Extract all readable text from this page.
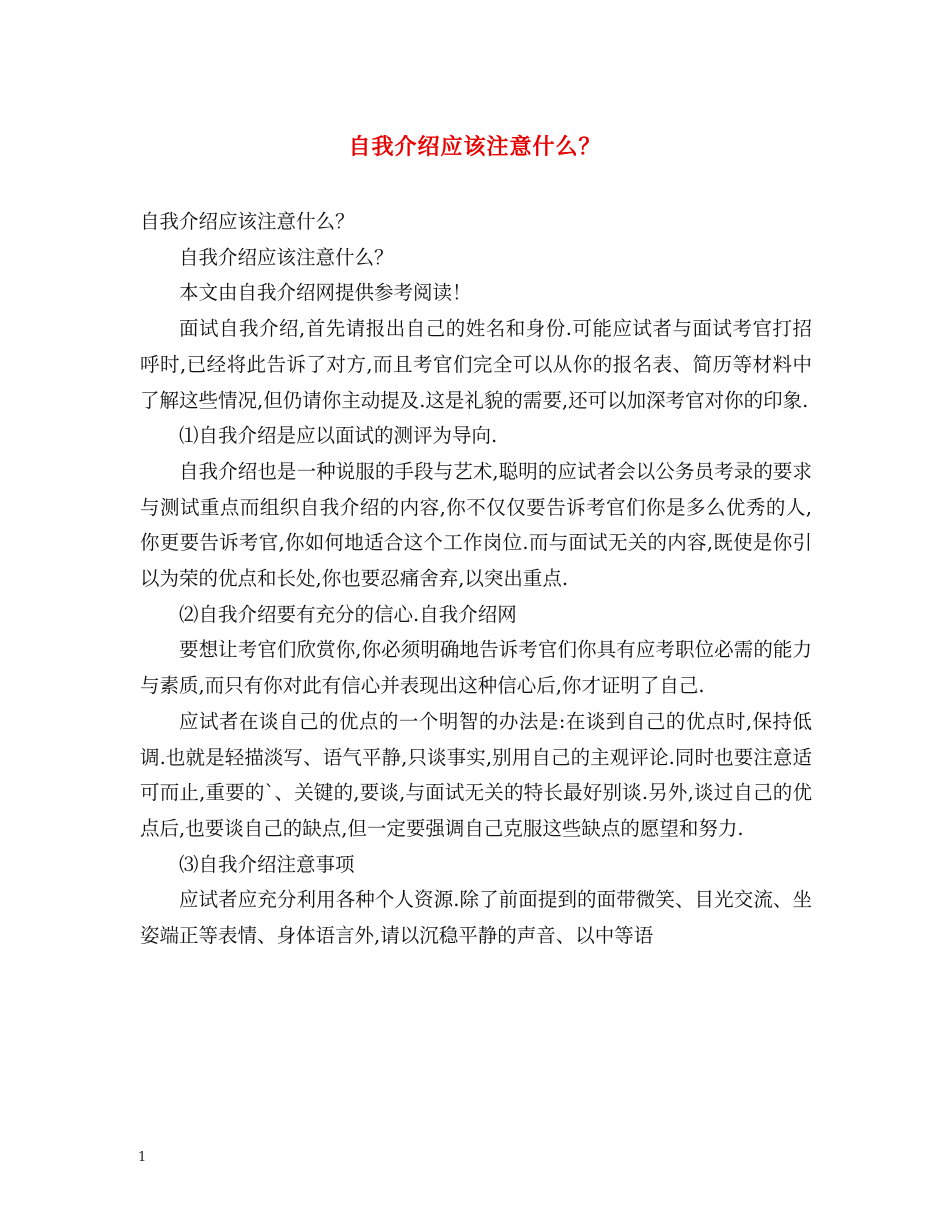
自我介绍应该注意什么？

自我介绍应该注意什么？

自我介绍应该注意什么？

本文由自我介绍网提供参考阅读！

面试自我介绍,首先请报出自己的姓名和身份.可能应试者与面试考官打招呼时,已经将此告诉了对方,而且考官们完全可以从你的报名表、简历等材料中了解这些情况,但仍请你主动提及.这是礼貌的需要,还可以加深考官对你的印象.

⑴自我介绍是应以面试的测评为导向.

自我介绍也是一种说服的手段与艺术,聪明的应试者会以公务员考录的要求与测试重点而组织自我介绍的内容,你不仅仅要告诉考官们你是多么优秀的人,你更要告诉考官,你如何地适合这个工作岗位.而与面试无关的内容,既使是你引以为荣的优点和长处,你也要忍痛舍弃,以突出重点.

⑵自我介绍要有充分的信心.自我介绍网

要想让考官们欣赏你,你必须明确地告诉考官们你具有应考职位必需的能力与素质,而只有你对此有信心并表现出这种信心后,你才证明了自己.

应试者在谈自己的优点的一个明智的办法是:在谈到自己的优点时,保持低调.也就是轻描淡写、语气平静,只谈事实,别用自己的主观评论.同时也要注意适可而止,重要的`、关键的,要谈,与面试无关的特长最好别谈.另外,谈过自己的优点后,也要谈自己的缺点,但一定要强调自己克服这些缺点的愿望和努力.

⑶自我介绍注意事项

应试者应充分利用各种个人资源.除了前面提到的面带微笑、目光交流、坐姿端正等表情、身体语言外,请以沉稳平静的声音、以中等语

1
